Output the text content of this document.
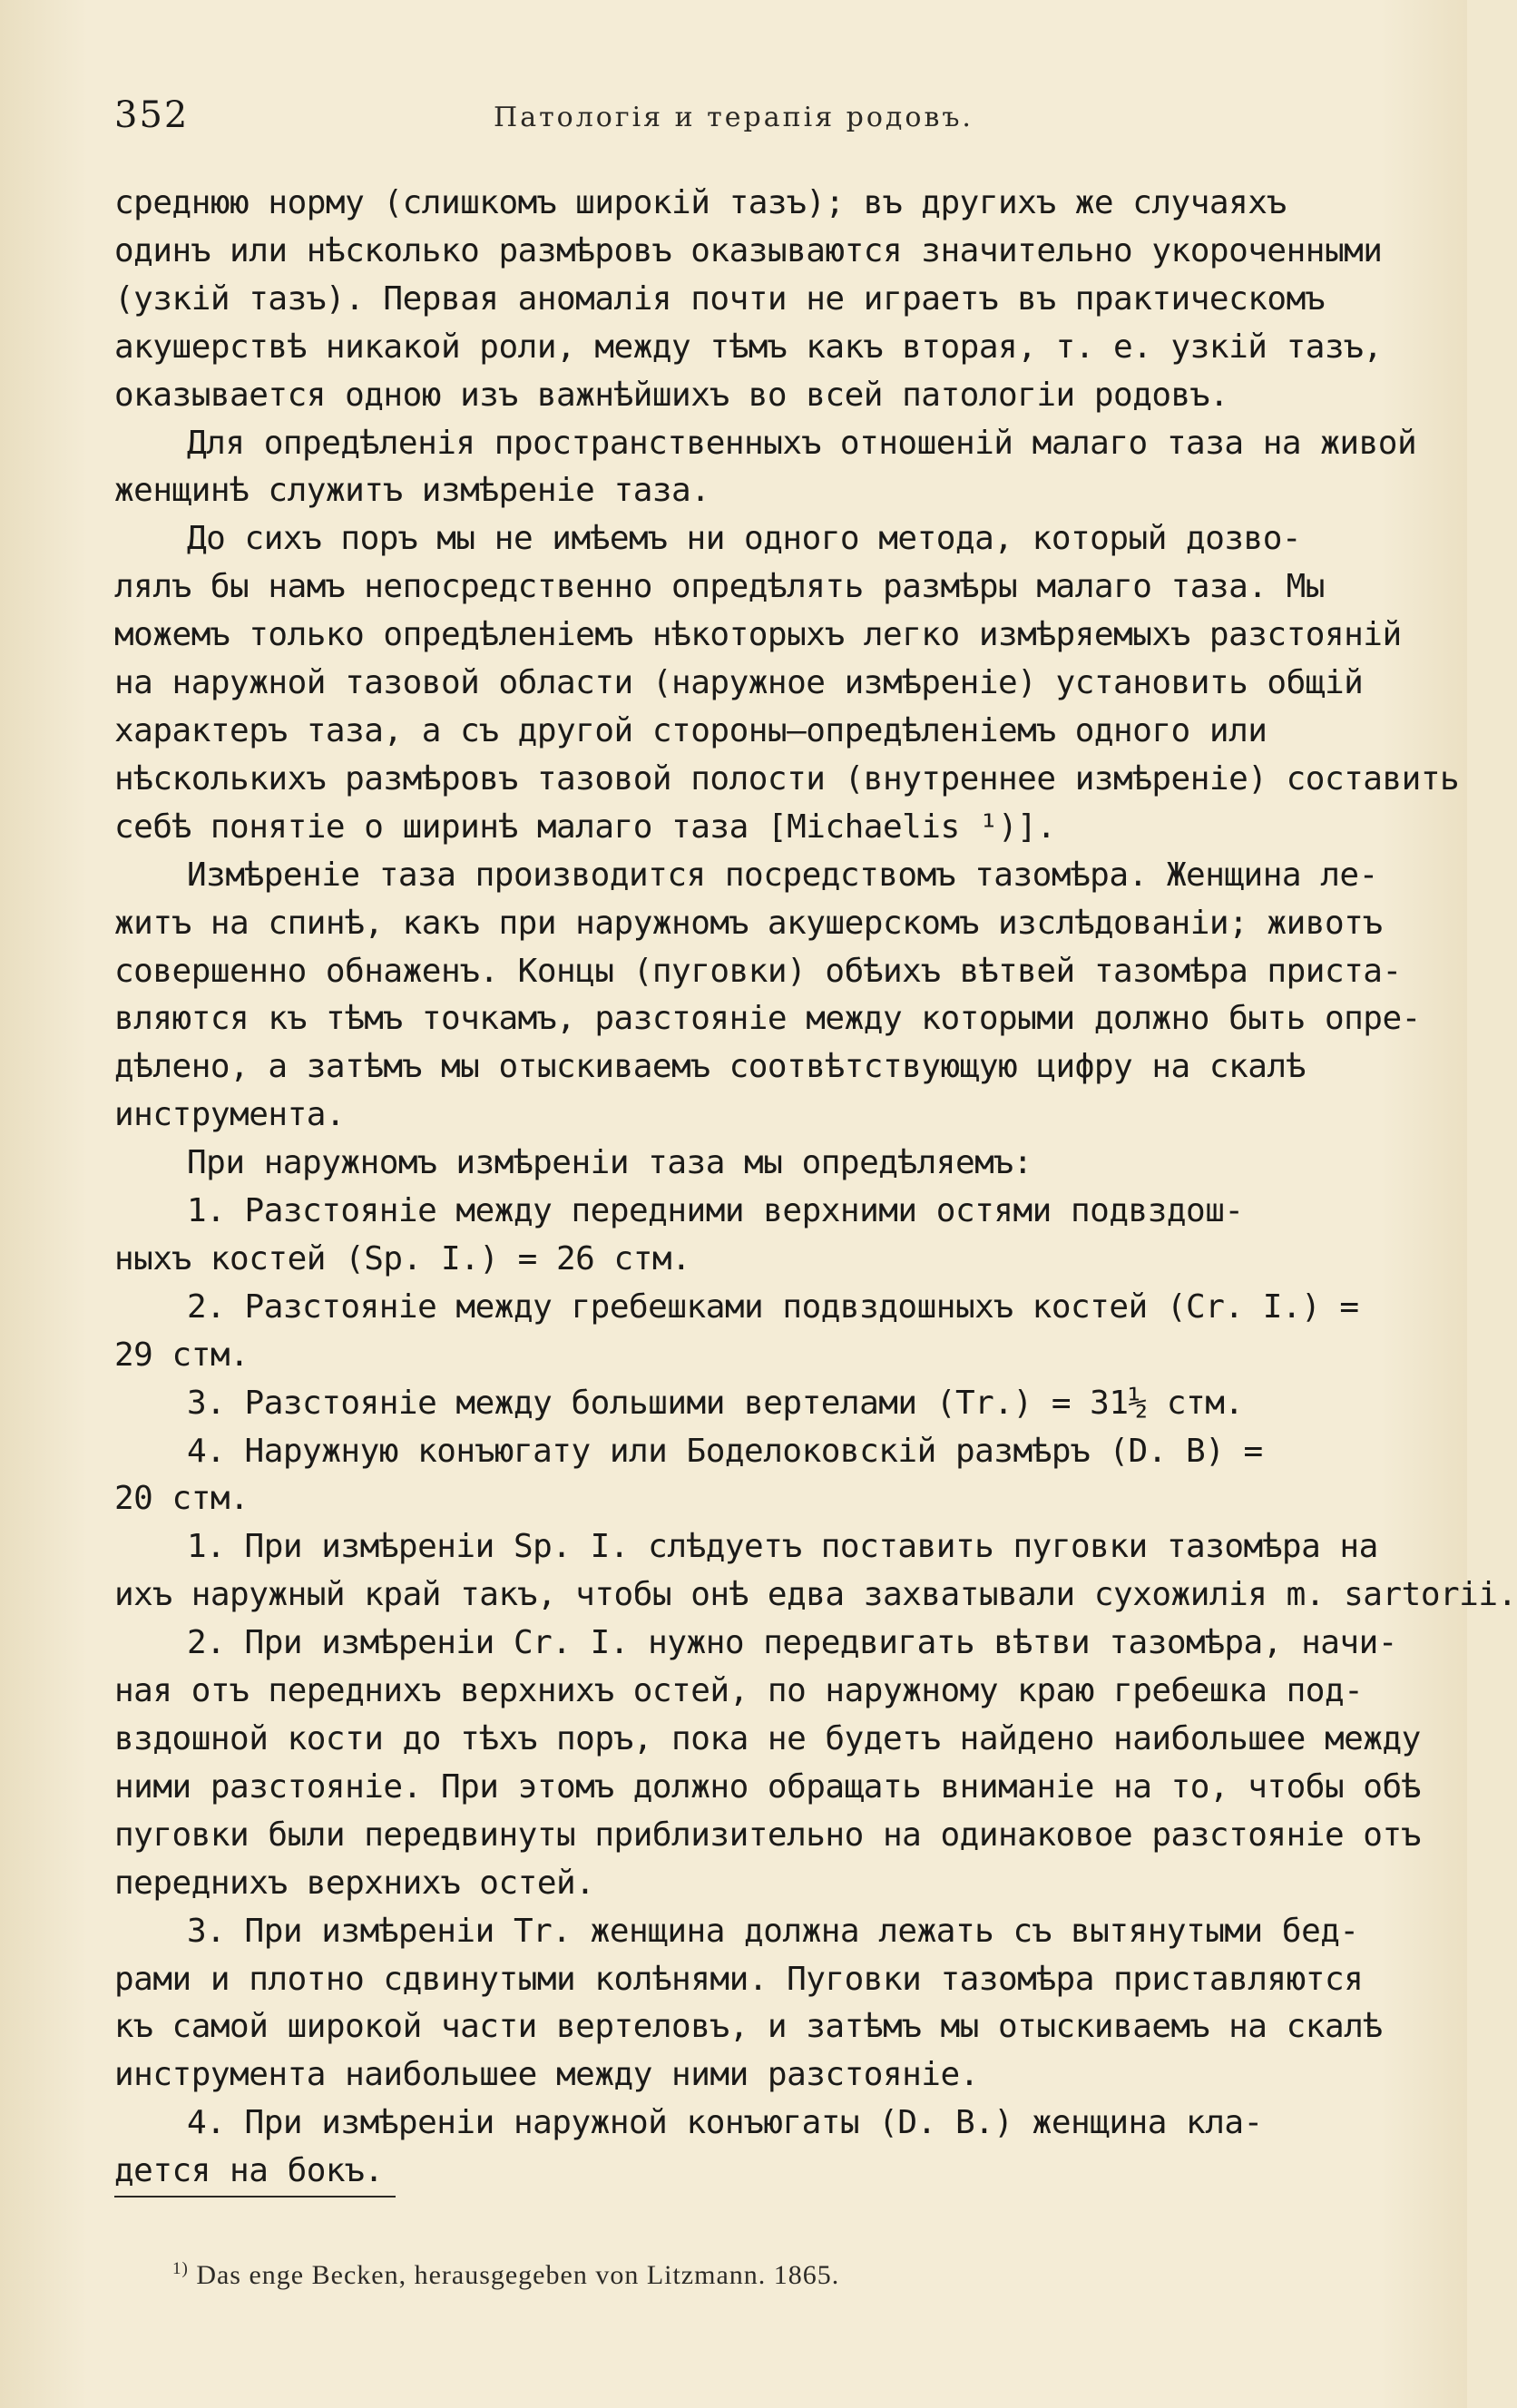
352	Патологія и терапія родовъ.
среднюю норму (слишкомъ широкій тазъ); въ другихъ же случаяхъ
одинъ или нѣсколько размѣровъ оказываются значительно укороченными
(узкій тазъ). Первая аномалія почти не играетъ въ практическомъ
акушерствѣ никакой роли, между тѣмъ какъ вторая, т. е. узкій тазъ,
оказывается одною изъ важнѣйшихъ во всей патологіи родовъ.
Для опредѣленія пространственныхъ отношеній малаго таза на живой
женщинѣ служитъ измѣреніе таза.
До сихъ поръ мы не имѣемъ ни одного метода, который дозво-
лялъ бы намъ непосредственно опредѣлять размѣры малаго таза. Мы
можемъ только опредѣленіемъ нѣкоторыхъ легко измѣряемыхъ разстояній
на наружной тазовой области (наружное измѣреніе) установить общій
характеръ таза, а съ другой стороны—опредѣленіемъ одного или
нѣсколькихъ размѣровъ тазовой полости (внутреннее измѣреніе) составить
себѣ понятіе о ширинѣ малаго таза [Michaelis ¹)].
Измѣреніе таза производится посредствомъ тазомѣра. Женщина ле-
житъ на спинѣ, какъ при наружномъ акушерскомъ изслѣдованіи; животъ
совершенно обнаженъ. Концы (пуговки) обѣихъ вѣтвей тазомѣра приста-
вляются къ тѣмъ точкамъ, разстояніе между которыми должно быть опре-
дѣлено, а затѣмъ мы отыскиваемъ соотвѣтствующую цифру на скалѣ
инструмента.
При наружномъ измѣреніи таза мы опредѣляемъ:
1. Разстояніе между передними верхними остями подвздош-
ныхъ костей (Sp. I.) = 26 стм.
2. Разстояніе между гребешками подвздошныхъ костей (Cr. I.) =
29 стм.
3. Разстояніе между большими вертелами (Tr.) = 31½ стм.
4. Наружную конъюгату или Боделоковскій размѣръ (D. B) =
20 стм.
1. При измѣреніи Sp. I. слѣдуетъ поставить пуговки тазомѣра на
ихъ наружный край такъ, чтобы онѣ едва захватывали сухожилія m. sartorii.
2. При измѣреніи Cr. I. нужно передвигать вѣтви тазомѣра, начи-
ная отъ переднихъ верхнихъ остей, по наружному краю гребешка под-
вздошной кости до тѣхъ поръ, пока не будетъ найдено наибольшее между
ними разстояніе. При этомъ должно обращать вниманіе на то, чтобы обѣ
пуговки были передвинуты приблизительно на одинаковое разстояніе отъ
переднихъ верхнихъ остей.
3. При измѣреніи Tr. женщина должна лежать съ вытянутыми бед-
рами и плотно сдвинутыми колѣнями. Пуговки тазомѣра приставляются
къ самой широкой части вертеловъ, и затѣмъ мы отыскиваемъ на скалѣ
инструмента наибольшее между ними разстояніе.
4. При измѣреніи наружной конъюгаты (D. B.) женщина кла-
дется на бокъ.
$^{1)}$ Das enge Becken, herausgegeben von Litzmann. 1865.
